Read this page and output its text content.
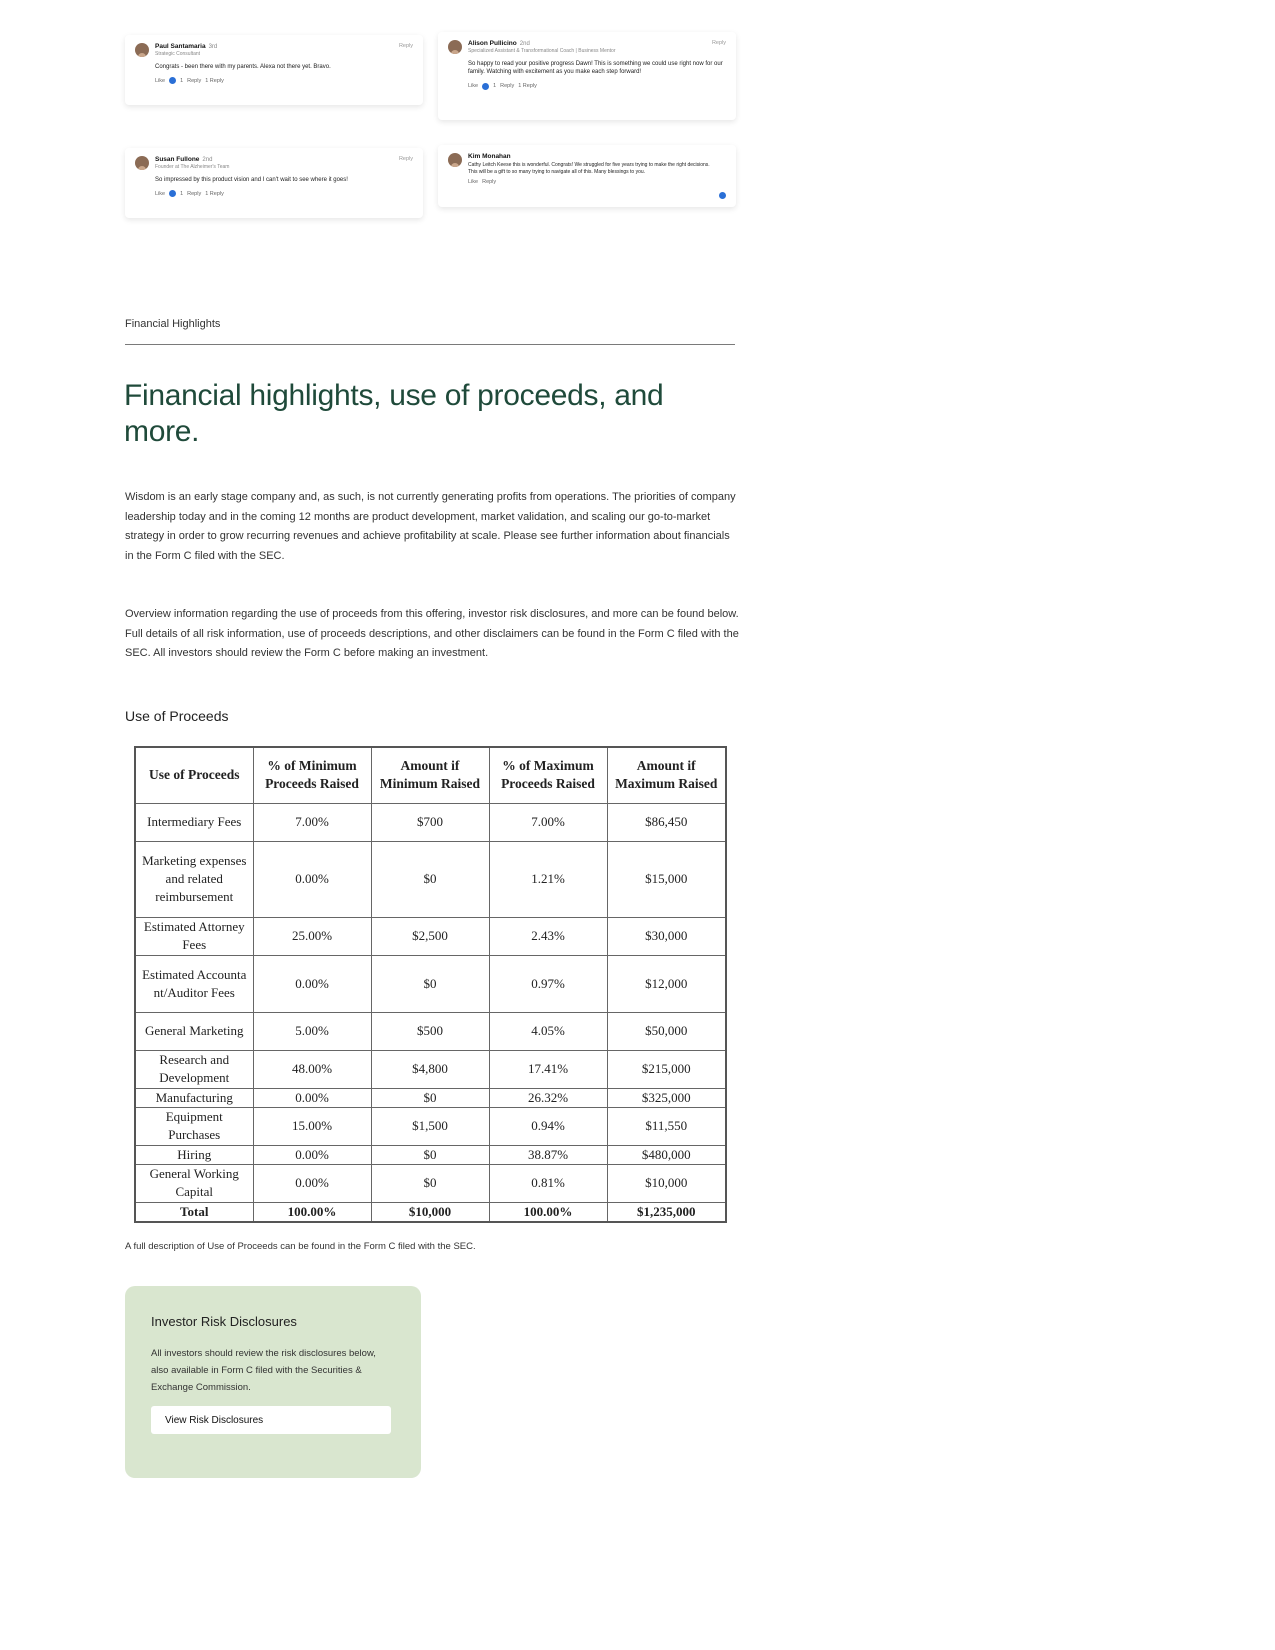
Paul Santamaria 3rd
Strategic Consultant
Reply
Congrats - been there with my parents. Alexa not there yet. Bravo.
Like	1 Reply 1 Reply
Alison Pullicino 2nd
Specialized Assistant & Transformational Coach | Business Mentor
Reply
So happy to read your positive progress Dawn! This is something we could use right now for our family. Watching with excitement as you make each step forward!
Like	1 Reply 1 Reply
Susan Fullone 2nd
Founder at The Alzheimer's Team
Reply
So impressed by this product vision and I can't wait to see where it goes!
Like	1 Reply 1 Reply
Kim Monahan
Cathy Leitch Keese this is wonderful. Congrats! We struggled for five years trying to make the right decisions. This will be a gift to so many trying to navigate all of this. Many blessings to you.
Like Reply
Financial Highlights
Financial highlights, use of proceeds, and more.

Wisdom is an early stage company and, as such, is not currently generating profits from operations. The priorities of company leadership today and in the coming 12 months are product development, market validation, and scaling our go-to-market strategy in order to grow recurring revenues and achieve profitability at scale. Please see further information about financials in the Form C filed with the SEC.

Overview information regarding the use of proceeds from this offering, investor risk disclosures, and more can be found below. Full details of all risk information, use of proceeds descriptions, and other disclaimers can be found in the Form C filed with the SEC. All investors should review the Form C before making an investment.

Use of Proceeds
Use of Proceeds	% of Minimum Proceeds Raised	Amount if Minimum Raised	% of Maximum Proceeds Raised	Amount if Maximum Raised
Intermediary Fees	7.00%	$700	7.00%	$86,450
Marketing expenses and related reimbursement	0.00%	$0	1.21%	$15,000
Estimated Attorney Fees	25.00%	$2,500	2.43%	$30,000
Estimated Accountant/Auditor Fees	0.00%	$0	0.97%	$12,000
General Marketing	5.00%	$500	4.05%	$50,000
Research and Development	48.00%	$4,800	17.41%	$215,000
Manufacturing	0.00%	$0	26.32%	$325,000
Equipment Purchases	15.00%	$1,500	0.94%	$11,550
Hiring	0.00%	$0	38.87%	$480,000
General Working Capital	0.00%	$0	0.81%	$10,000
Total	100.00%	$10,000	100.00%	$1,235,000
A full description of Use of Proceeds can be found in the Form C filed with the SEC.
Investor Risk Disclosures

All investors should review the risk disclosures below, also available in Form C filed with the Securities & Exchange Commission.

View Risk Disclosures
